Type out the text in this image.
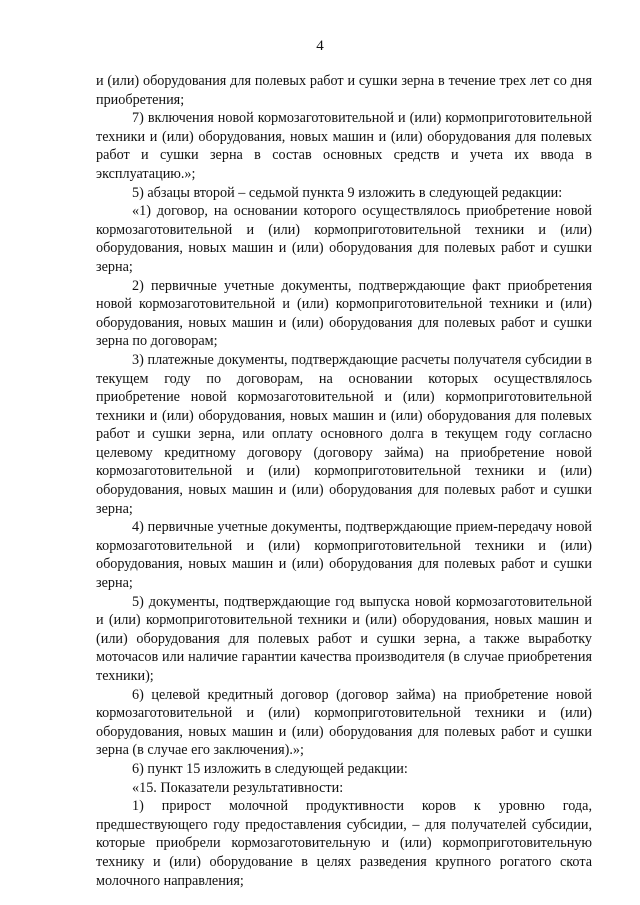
4

и (или) оборудования для полевых работ и сушки зерна в течение трех лет со дня приобретения;

7) включения новой кормозаготовительной и (или) кормоприготовительной техники и (или) оборудования, новых машин и (или) оборудования для полевых работ и сушки зерна в состав основных средств и учета их ввода в эксплуатацию.»;

5) абзацы второй – седьмой пункта 9 изложить в следующей редакции:

«1) договор, на основании которого осуществлялось приобретение новой кормозаготовительной и (или) кормоприготовительной техники и (или) оборудования, новых машин и (или) оборудования для полевых работ и сушки зерна;

2) первичные учетные документы, подтверждающие факт приобретения новой кормозаготовительной и (или) кормоприготовительной техники и (или) оборудования, новых машин и (или) оборудования для полевых работ и сушки зерна по договорам;

3) платежные документы, подтверждающие расчеты получателя субсидии в текущем году по договорам, на основании которых осуществлялось приобретение новой кормозаготовительной и (или) кормоприготовительной техники и (или) оборудования, новых машин и (или) оборудования для полевых работ и сушки зерна, или оплату основного долга в текущем году согласно целевому кредитному договору (договору займа) на приобретение новой кормозаготовительной и (или) кормоприготовительной техники и (или) оборудования, новых машин и (или) оборудования для полевых работ и сушки зерна;

4) первичные учетные документы, подтверждающие прием-передачу новой кормозаготовительной и (или) кормоприготовительной техники и (или) оборудования, новых машин и (или) оборудования для полевых работ и сушки зерна;

5) документы, подтверждающие год выпуска новой кормозаготовительной и (или) кормоприготовительной техники и (или) оборудования, новых машин и (или) оборудования для полевых работ и сушки зерна, а также выработку моточасов или наличие гарантии качества производителя (в случае приобретения техники);

6) целевой кредитный договор (договор займа) на приобретение новой кормозаготовительной и (или) кормоприготовительной техники и (или) оборудования, новых машин и (или) оборудования для полевых работ и сушки зерна (в случае его заключения).»;

6) пункт 15 изложить в следующей редакции:

«15. Показатели результативности:

1) прирост молочной продуктивности коров к уровню года, предшествующего году предоставления субсидии, – для получателей субсидии, которые приобрели кормозаготовительную и (или) кормоприготовительную технику и (или) оборудование в целях разведения крупного рогатого скота молочного направления;
